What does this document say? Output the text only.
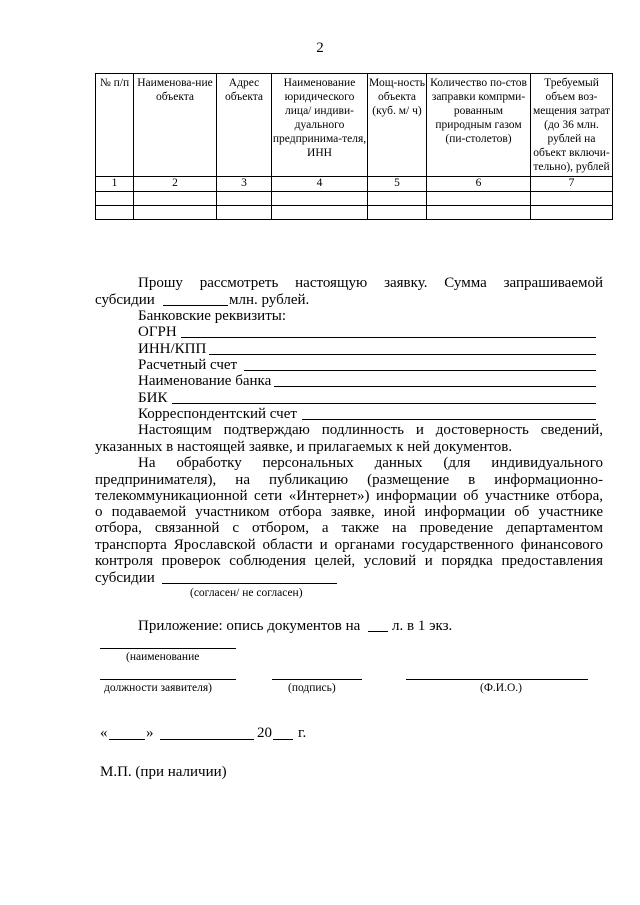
2
№ п/п	Наименова-ние объекта	Адрес объекта	Наименование юридического лица/ индиви-дуального предпринима-теля, ИНН	Мощ-ность объекта (куб. м/ ч)	Количество по-стов заправки компрми-рованным природным газом (пи-столетов)	Требуемый объем воз-мещения затрат (до 36 млн. рублей на объект включи-тельно), рублей
1	2	3	4	5	6	7

Прошу рассмотреть настоящую заявку. Сумма запрашиваемой
субсидии	млн. рублей.
Банковские реквизиты:
ОГРН
ИНН/КПП
Расчетный счет
Наименование банка
БИК
Корреспондентский счет
Настоящим подтверждаю подлинность и достоверность сведений,
указанных в настоящей заявке, и прилагаемых к ней документов.
На обработку персональных данных (для индивидуального
предпринимателя), на публикацию (размещение в информационно-
телекоммуникационной сети «Интернет») информации об участнике отбора,
о подаваемой участником отбора заявке, иной информации об участнике
отбора, связанной с отбором, а также на проведение департаментом
транспорта Ярославской области и органами государственного финансового
контроля проверок соблюдения целей, условий и порядка предоставления
субсидии
(согласен/ не согласен)
Приложение: опись документов на л. в 1 экз.
(наименование
должности заявителя)	(подпись)	(Ф.И.О.)
«	»	20 г.
М.П. (при наличии)
